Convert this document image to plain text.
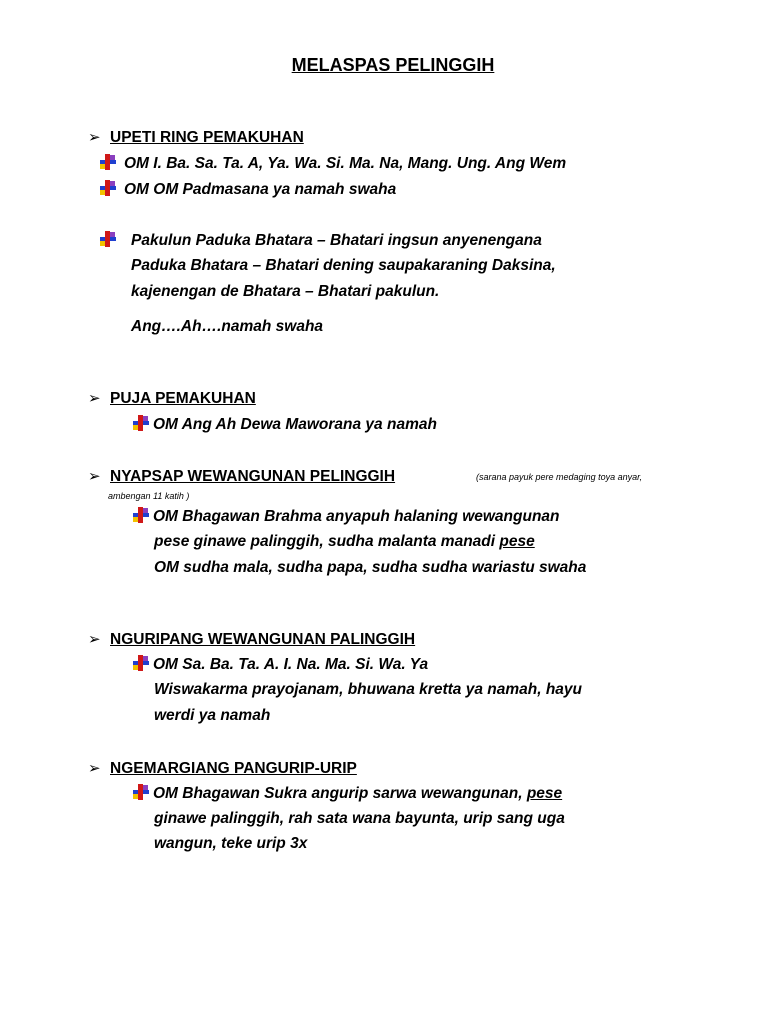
MELASPAS PELINGGIH
➢ UPETI RING PEMAKUHAN
OM I. Ba. Sa. Ta. A, Ya. Wa. Si. Ma. Na, Mang. Ung. Ang Wem
OM OM Padmasana ya namah swaha
Pakulun Paduka Bhatara – Bhatari ingsun anyenengana
Paduka Bhatara – Bhatari dening saupakaraning Daksina,
kajenengan de Bhatara – Bhatari pakulun.
Ang….Ah….namah swaha
➢ PUJA PEMAKUHAN
OM Ang Ah Dewa Maworana ya namah
➢ NYAPSAP WEWANGUNAN PELINGGIH	(sarana payuk pere medaging toya anyar,
ambengan 11 katih )
OM Bhagawan Brahma anyapuh halaning wewangunan
pese ginawe palinggih, sudha malanta manadi pese
OM sudha mala, sudha papa, sudha sudha wariastu swaha
➢ NGURIPANG WEWANGUNAN PALINGGIH
OM Sa. Ba. Ta. A. I. Na. Ma. Si. Wa. Ya
Wiswakarma prayojanam, bhuwana kretta ya namah, hayu
werdi ya namah
➢ NGEMARGIANG PANGURIP-URIP
OM Bhagawan Sukra angurip sarwa wewangunan, pese
ginawe palinggih, rah sata wana bayunta, urip sang uga
wangun, teke urip 3x
